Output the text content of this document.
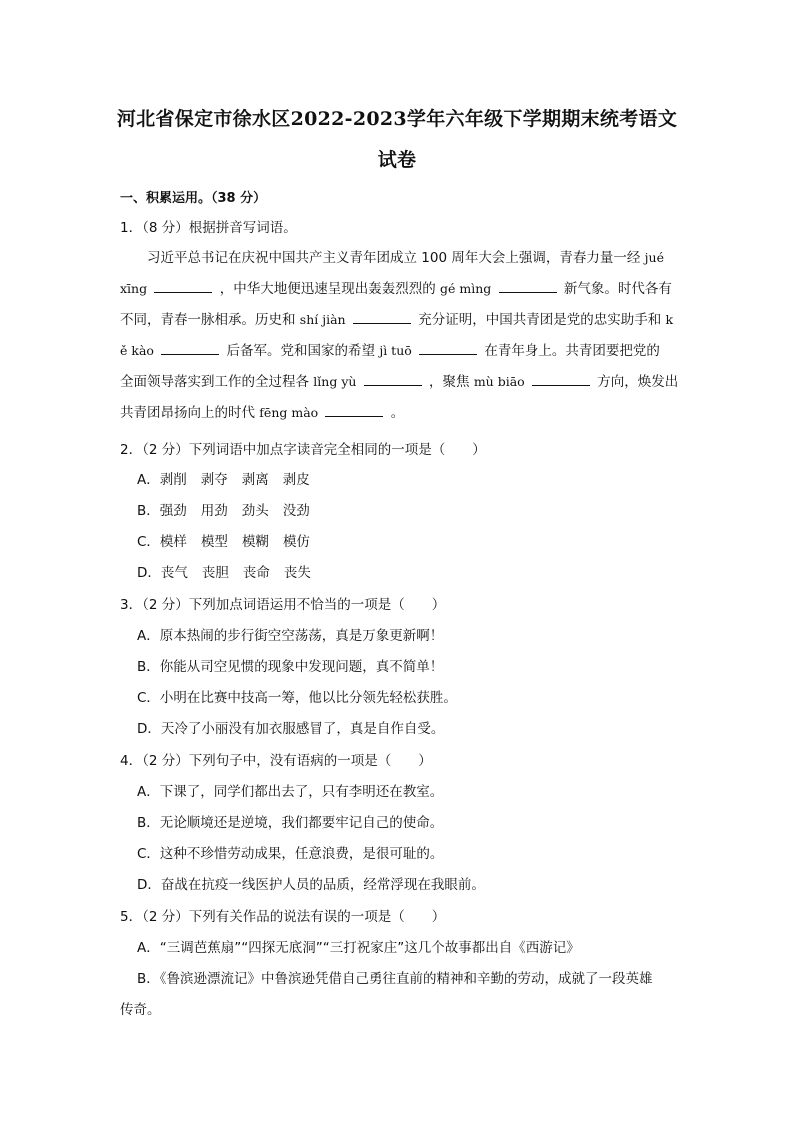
河北省保定市徐水区2022-2023学年六年级下学期期末统考语文
试卷
一、积累运用。（38 分）
1．（8 分）根据拼音写词语。
习近平总书记在庆祝中国共产主义青年团成立 100 周年大会上强调，青春力量一经 jué
xīng	，中华大地便迅速呈现出轰轰烈烈的 gé mìng	新气象。时代各有
不同，青春一脉相承。历史和 shí jiàn	充分证明，中国共青团是党的忠实助手和 k
ě kào	后备军。党和国家的希望 jì tuō	在青年身上。共青团要把党的
全面领导落实到工作的全过程各 lǐng yù	，聚焦 mù biāo	方向，焕发出
共青团昂扬向上的时代 fēng mào	。
2．（2 分）下列词语中加点字读音完全相同的一项是（　　）
A．剥削 剥夺 剥离 剥皮
B．强劲 用劲 劲头 没劲
C．模样 模型 模糊 模仿
D．丧气 丧胆 丧命 丧失
3．（2 分）下列加点词语运用不恰当的一项是（　　）
A．原本热闹的步行街空空荡荡，真是万象更新啊！
B．你能从司空见惯的现象中发现问题，真不简单！
C．小明在比赛中技高一筹，他以比分领先轻松获胜。
D．天冷了小丽没有加衣服感冒了，真是自作自受。
4．（2 分）下列句子中，没有语病的一项是（　　）
A．下课了，同学们都出去了，只有李明还在教室。
B．无论顺境还是逆境，我们都要牢记自己的使命。
C．这种不珍惜劳动成果，任意浪费，是很可耻的。
D．奋战在抗疫一线医护人员的品质，经常浮现在我眼前。
5．（2 分）下列有关作品的说法有误的一项是（　　）
A．“三调芭蕉扇”“四探无底洞”“三打祝家庄”这几个故事都出自《西游记》
B．《鲁滨逊漂流记》中鲁滨逊凭借自己勇往直前的精神和辛勤的劳动，成就了一段英雄
传奇。
